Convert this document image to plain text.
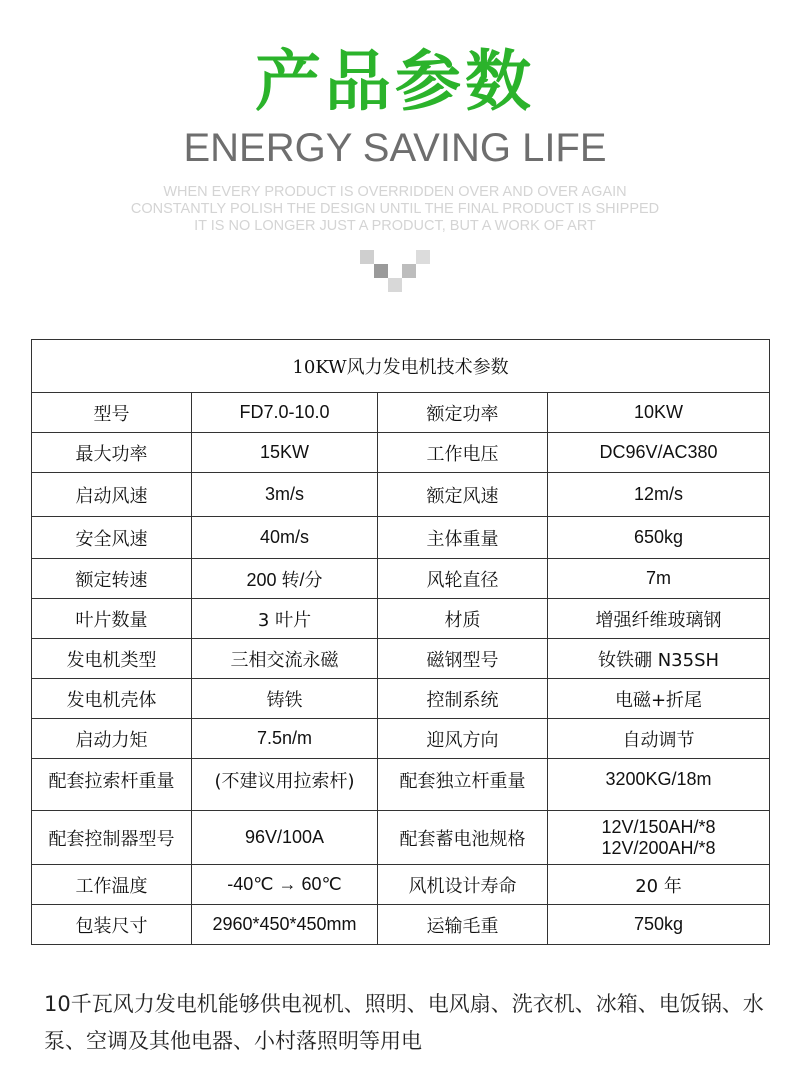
产品参数
ENERGY SAVING LIFE
WHEN EVERY PRODUCT IS OVERRIDDEN OVER AND OVER AGAIN
CONSTANTLY POLISH THE DESIGN UNTIL THE FINAL PRODUCT IS SHIPPED
IT IS NO LONGER JUST A PRODUCT, BUT A WORK OF ART
10KW风力发电机技术参数			
型号	FD7.0-10.0	额定功率	10KW
最大功率	15KW	工作电压	DC96V/AC380
启动风速	3m/s	额定风速	12m/s
安全风速	40m/s	主体重量	650kg
额定转速	200 转/分	风轮直径	7m
叶片数量	3 叶片	材质	增强纤维玻璃钢
发电机类型	三相交流永磁	磁钢型号	钕铁硼 N35SH
发电机壳体	铸铁	控制系统	电磁+折尾
启动力矩	7.5n/m	迎风方向	自动调节
配套拉索杆重量	(不建议用拉索杆)	配套独立杆重量	3200KG/18m
配套控制器型号	96V/100A	配套蓄电池规格	12V/150AH/*8
12V/200AH/*8

工作温度	-40℃ → 60℃	风机设计寿命	20 年
包装尺寸	2960*450*450mm	运输毛重	750kg
10千瓦风力发电机能够供电视机、照明、电风扇、洗衣机、冰箱、电饭锅、水泵、空调及其他电器、小村落照明等用电
